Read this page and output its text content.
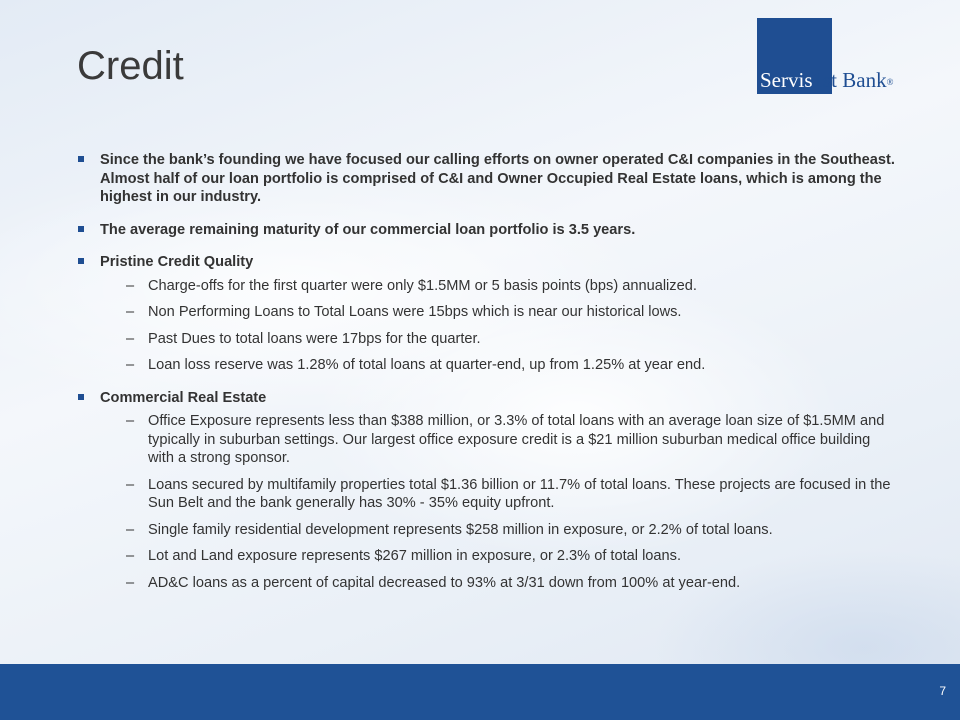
Credit	Servis1st Bank®

Since the bank’s founding we have focused our calling efforts on owner operated C&I companies in the Southeast. Almost half of our loan portfolio is comprised of C&I and Owner Occupied Real Estate loans, which is among the highest in our industry.

The average remaining maturity of our commercial loan portfolio is 3.5 years.

Pristine Credit Quality

– Charge-offs for the first quarter were only $1.5MM or 5 basis points (bps) annualized.

– Non Performing Loans to Total Loans were 15bps which is near our historical lows.

– Past Dues to total loans were 17bps for the quarter.

– Loan loss reserve was 1.28% of total loans at quarter-end, up from 1.25% at year end.

Commercial Real Estate

– Office Exposure represents less than $388 million, or 3.3% of total loans with an average loan size of $1.5MM and typically in suburban settings. Our largest office exposure credit is a $21 million suburban medical office building with a strong sponsor.

– Loans secured by multifamily properties total $1.36 billion or 11.7% of total loans. These projects are focused in the Sun Belt and the bank generally has 30% - 35% equity upfront.

– Single family residential development represents $258 million in exposure, or 2.2% of total loans.

– Lot and Land exposure represents $267 million in exposure, or 2.3% of total loans.

– AD&C loans as a percent of capital decreased to 93% at 3/31 down from 100% at year-end.

7
